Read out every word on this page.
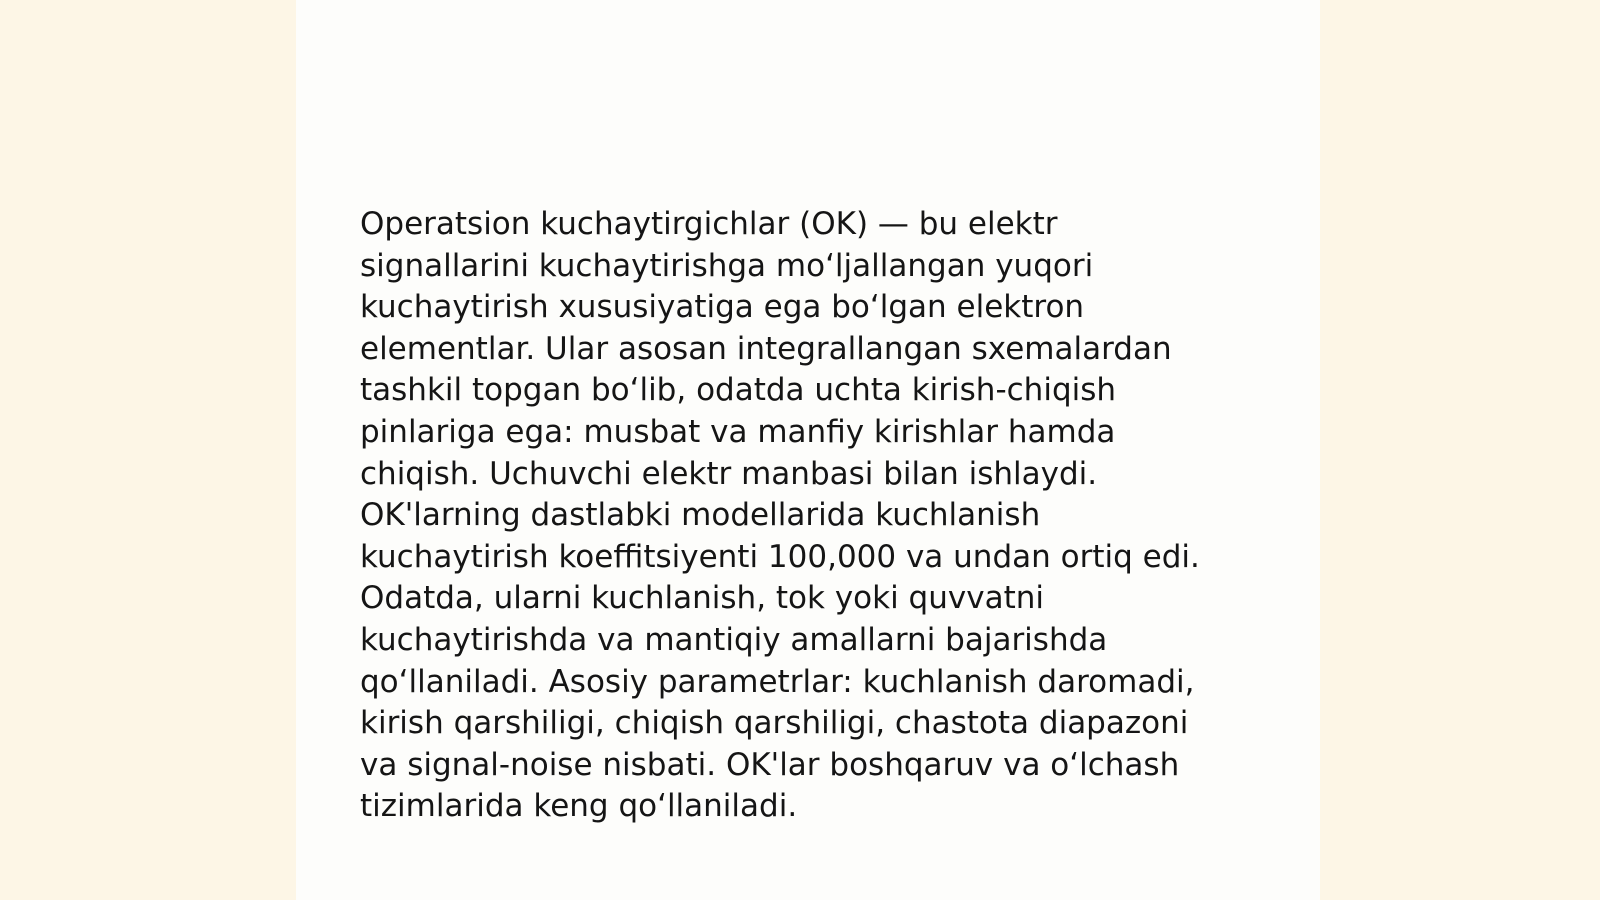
Operatsion kuchaytirgichlar (OK) — bu elektr
signallarini kuchaytirishga moʻljallangan yuqori
kuchaytirish xususiyatiga ega boʻlgan elektron
elementlar. Ular asosan integrallangan sxemalardan
tashkil topgan boʻlib, odatda uchta kirish-chiqish
pinlariga ega: musbat va manfiy kirishlar hamda
chiqish. Uchuvchi elektr manbasi bilan ishlaydi.
OK'larning dastlabki modellarida kuchlanish
kuchaytirish koeffitsiyenti 100,000 va undan ortiq edi.
Odatda, ularni kuchlanish, tok yoki quvvatni
kuchaytirishda va mantiqiy amallarni bajarishda
qoʻllaniladi. Asosiy parametrlar: kuchlanish daromadi,
kirish qarshiligi, chiqish qarshiligi, chastota diapazoni
va signal-noise nisbati. OK'lar boshqaruv va oʻlchash
tizimlarida keng qoʻllaniladi.
